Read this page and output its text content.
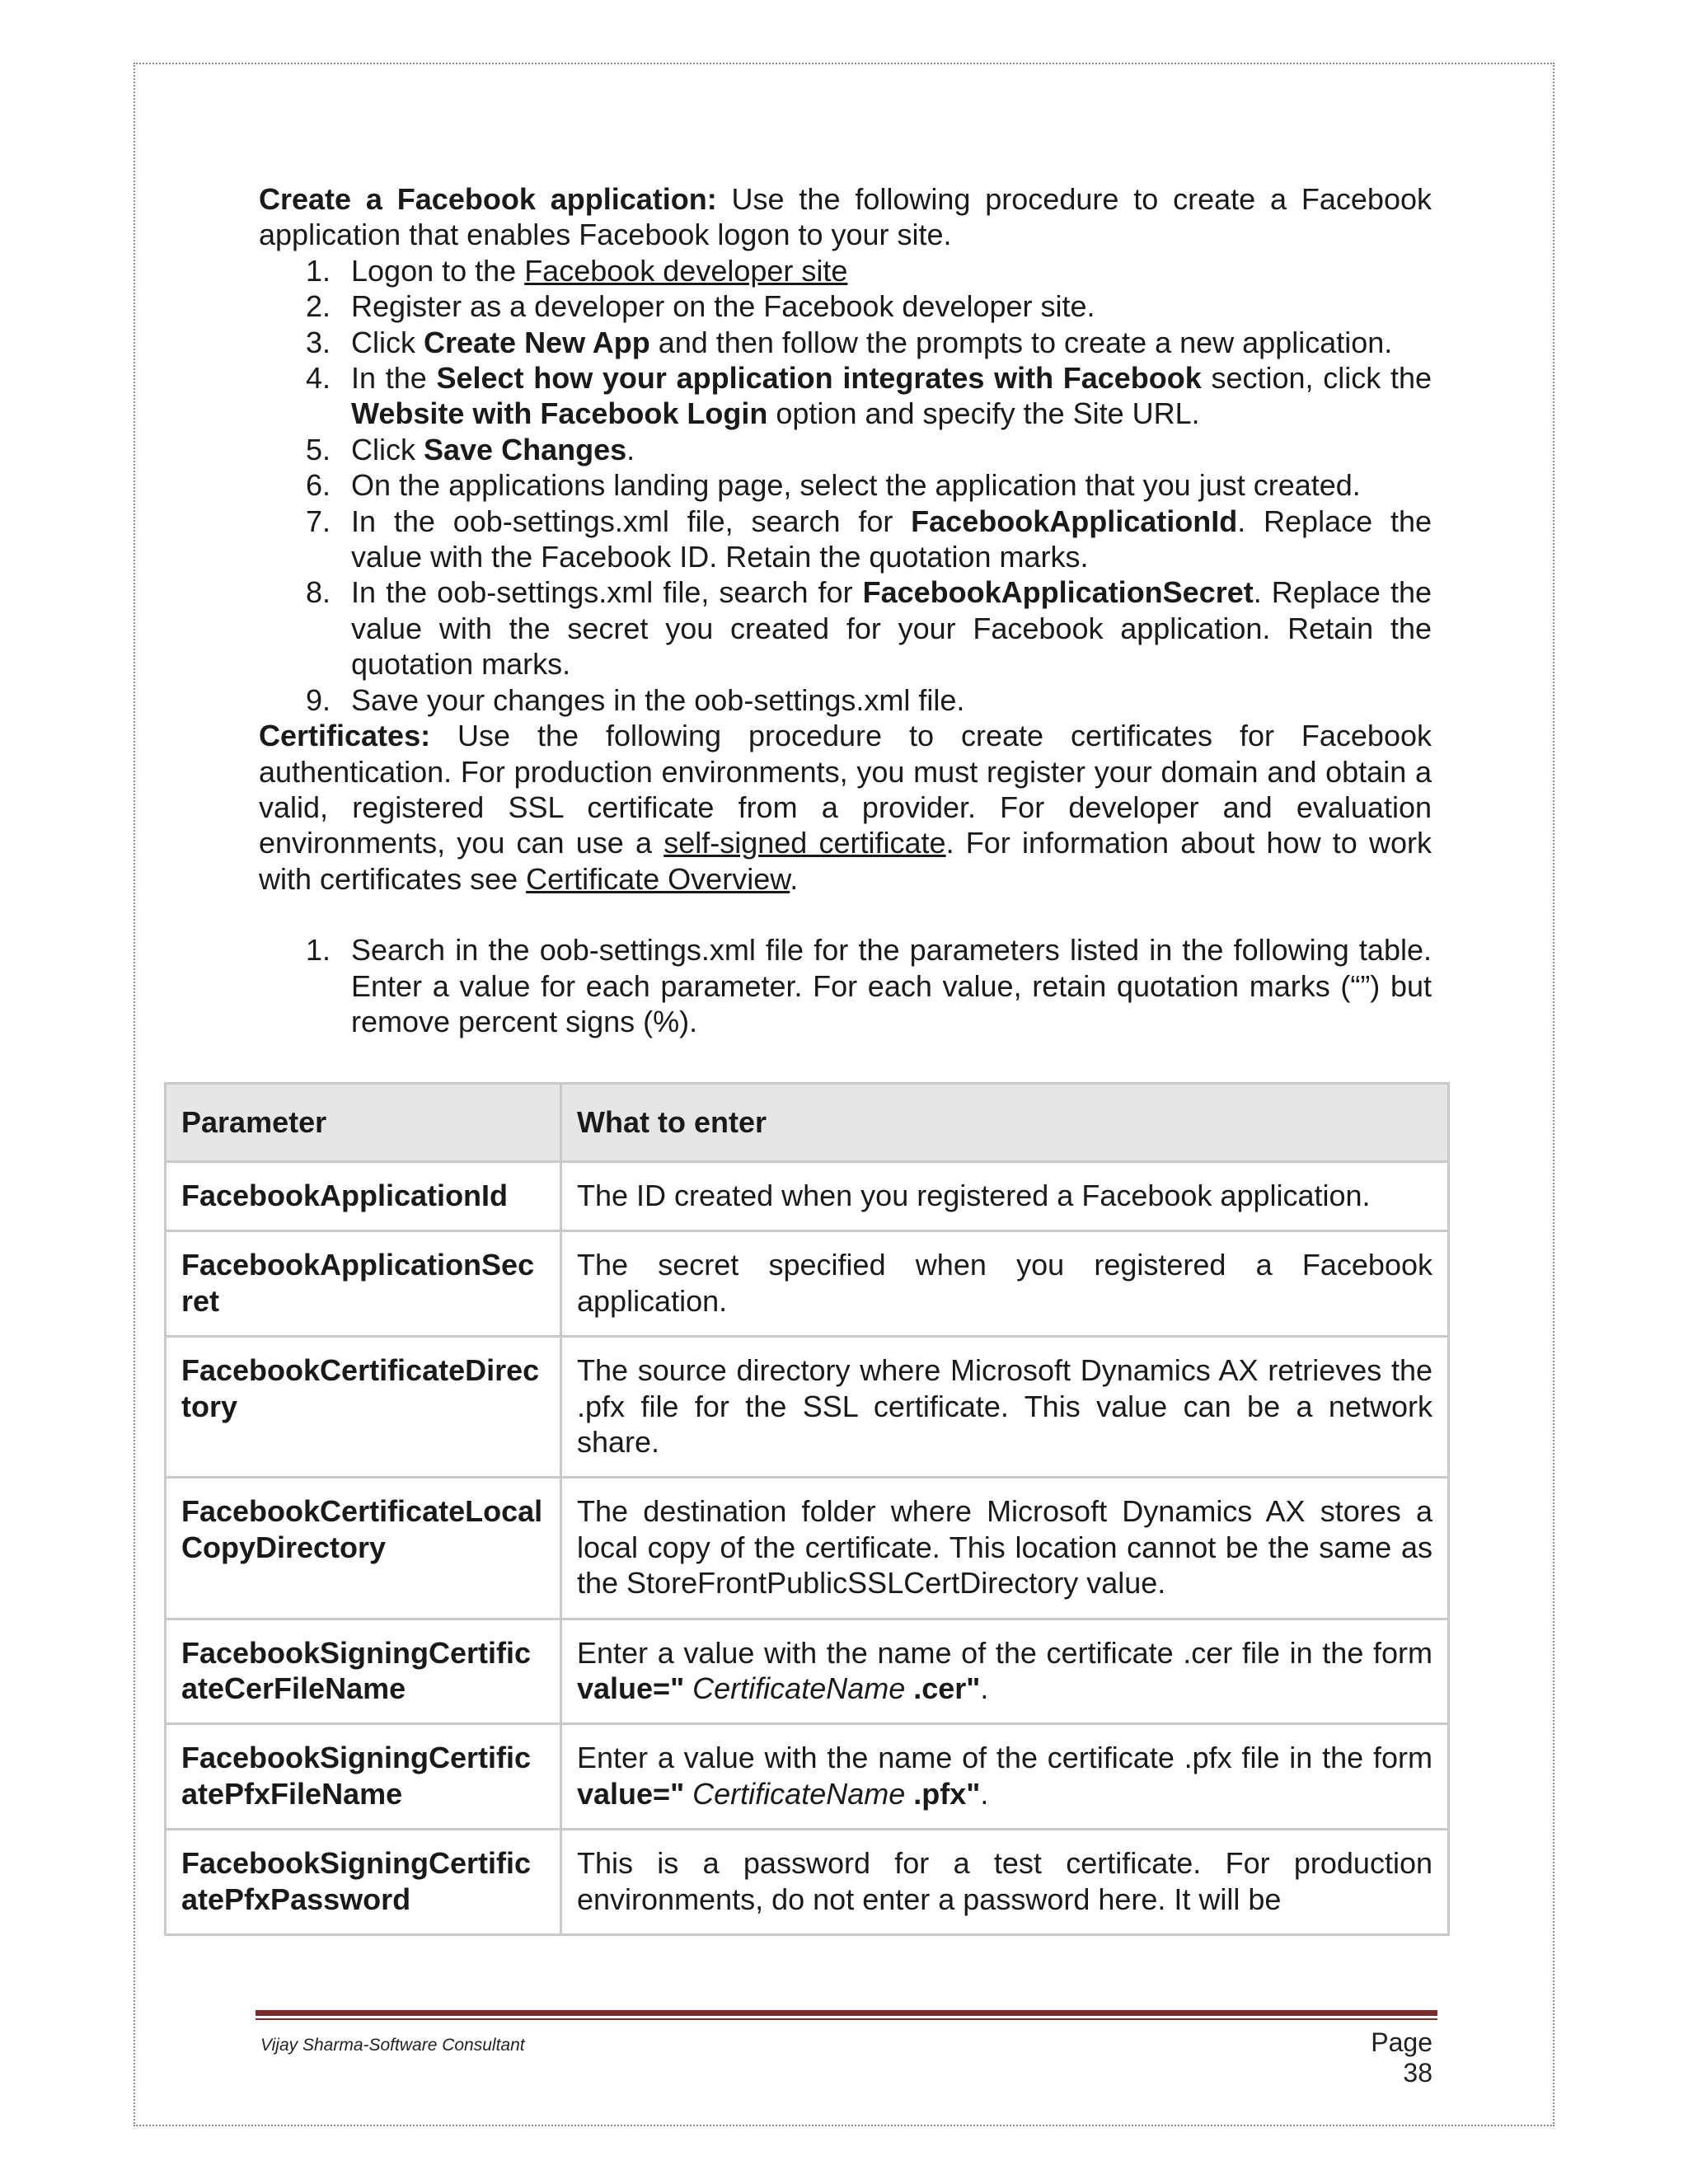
Create a Facebook application: Use the following procedure to create a Facebook application that enables Facebook logon to your site.

1. Logon to the Facebook developer site
2. Register as a developer on the Facebook developer site.
3. Click Create New App and then follow the prompts to create a new application.
4. In the Select how your application integrates with Facebook section, click the Website with Facebook Login option and specify the Site URL.
5. Click Save Changes.
6. On the applications landing page, select the application that you just created.
7. In the oob-settings.xml file, search for FacebookApplicationId. Replace the value with the Facebook ID. Retain the quotation marks.
8. In the oob-settings.xml file, search for FacebookApplicationSecret. Replace the value with the secret you created for your Facebook application. Retain the quotation marks.
9. Save your changes in the oob-settings.xml file.

Certificates: Use the following procedure to create certificates for Facebook authentication. For production environments, you must register your domain and obtain a valid, registered SSL certificate from a provider. For developer and evaluation environments, you can use a self-signed certificate. For information about how to work with certificates see Certificate Overview.

1. Search in the oob-settings.xml file for the parameters listed in the following table. Enter a value for each parameter. For each value, retain quotation marks (“”) but remove percent signs (%).
Parameter	What to enter
FacebookApplicationId	The ID created when you registered a Facebook application.
FacebookApplicationSecret	The secret specified when you registered a Facebook application.
FacebookCertificateDirectory	The source directory where Microsoft Dynamics AX retrieves the .pfx file for the SSL certificate. This value can be a network share.
FacebookCertificateLocalCopyDirectory	The destination folder where Microsoft Dynamics AX stores a local copy of the certificate. This location cannot be the same as the StoreFrontPublicSSLCertDirectory value.
FacebookSigningCertificateCerFileName	Enter a value with the name of the certificate .cer file in the form value=" CertificateName .cer".
FacebookSigningCertificatePfxFileName	Enter a value with the name of the certificate .pfx file in the form value=" CertificateName .pfx".
FacebookSigningCertificatePfxPassword	This is a password for a test certificate. For production environments, do not enter a password here. It will be
Vijay Sharma-Software Consultant	Page 38
